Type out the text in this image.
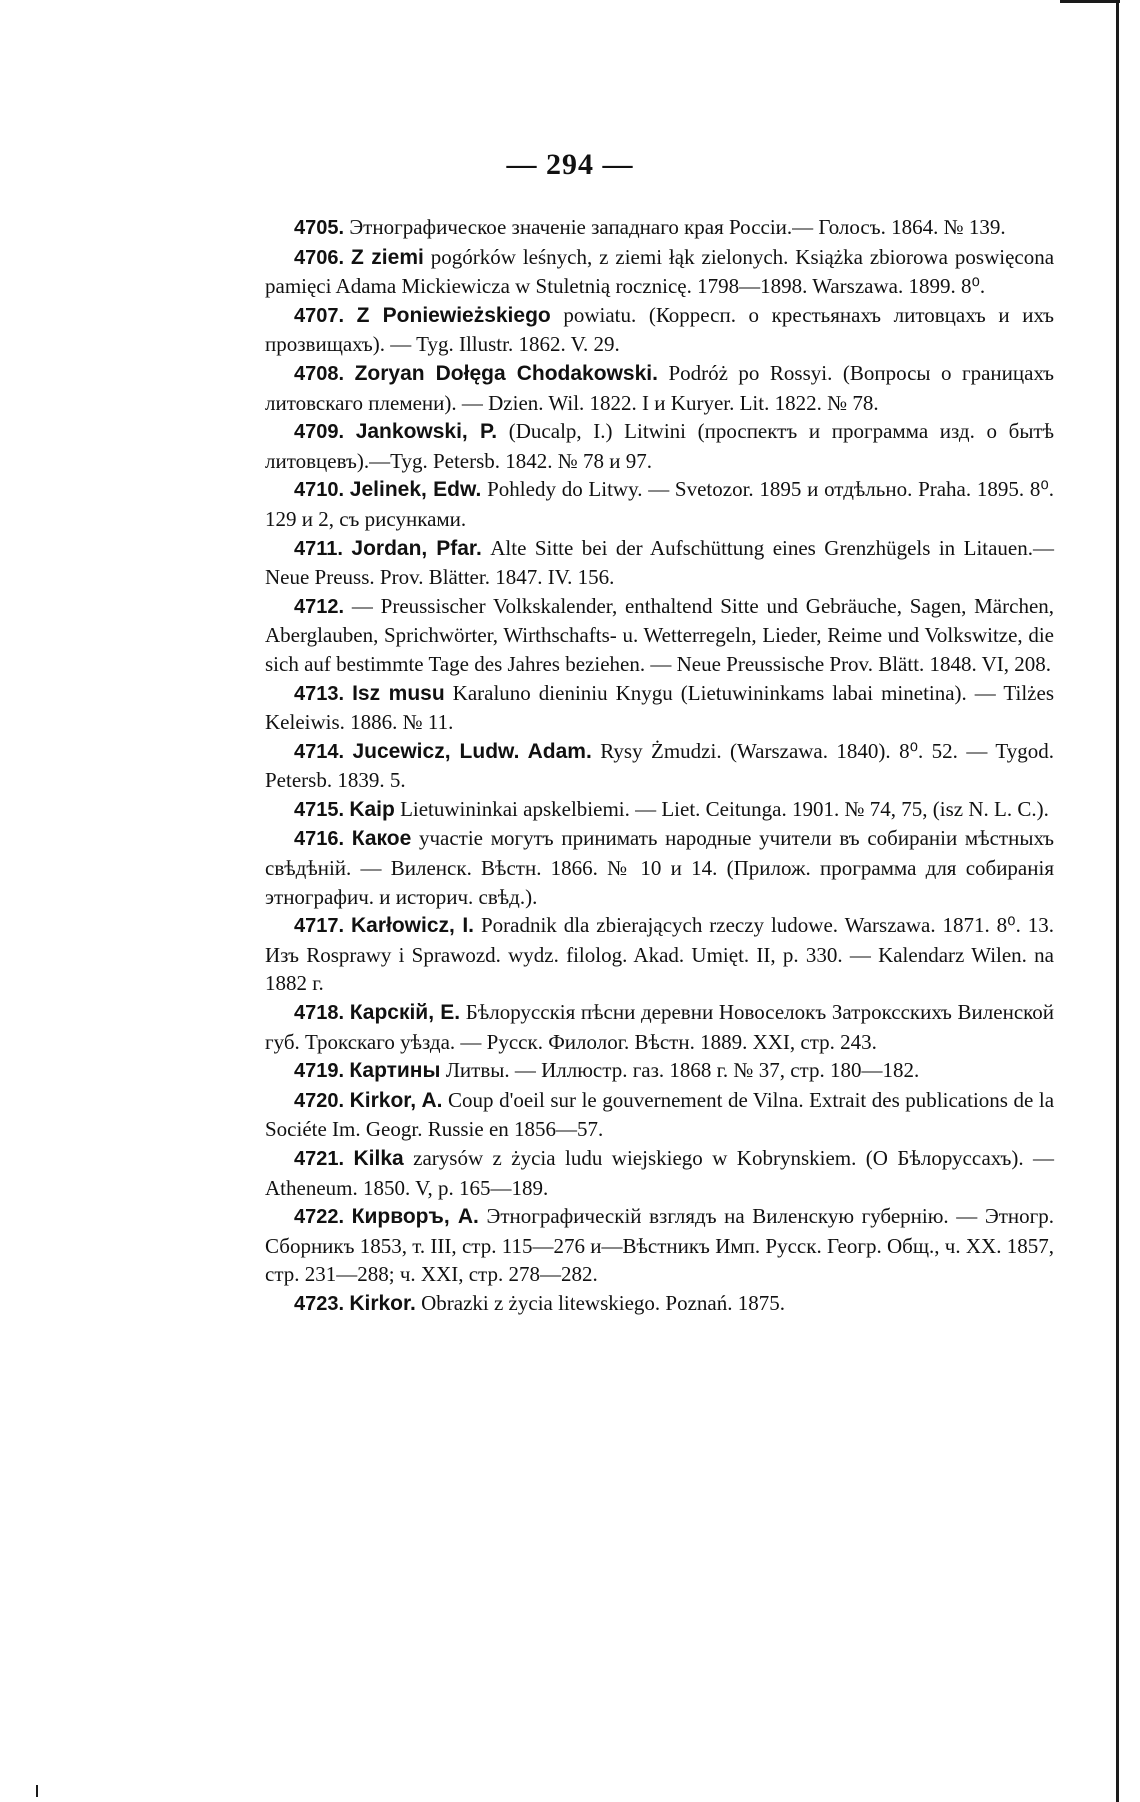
— 294 —
4705. Этнографическое значеніе западнаго края Россіи.— Голосъ. 1864. № 139.
4706. Z ziemi pogórków leśnych, z ziemi łąk zielonych. Książka zbiorowa poswięcona pamięci Adama Mickiewicza w Stuletnią rocznicę. 1798—1898. Warszawa. 1899. 8⁰.
4707. Z Poniewieżskiego powiatu. (Корресп. о крестьянахъ литовцахъ и ихъ прозвищахъ). — Tyg. Illustr. 1862. V. 29.
4708. Zoryan Dołęga Chodakowski. Podróż po Rossyi. (Вопросы о границахъ литовскаго племени). — Dzien. Wil. 1822. I и Kuryer. Lit. 1822. № 78.
4709. Jankowski, P. (Ducalp, I.) Litwini (проспектъ и программа изд. о бытѣ литовцевъ).—Tyg. Petersb. 1842. № 78 и 97.
4710. Jelinek, Edw. Pohledy do Litwy. — Svetozor. 1895 и отдѣльно. Praha. 1895. 8⁰. 129 и 2, съ рисунками.
4711. Jordan, Pfar. Alte Sitte bei der Aufschüttung eines Grenzhügels in Litauen.—Neue Preuss. Prov. Blätter. 1847. IV. 156.
4712. — Preussischer Volkskalender, enthaltend Sitte und Gebräuche, Sagen, Märchen, Aberglauben, Sprichwörter, Wirthschafts- u. Wetterregeln, Lieder, Reime und Volkswitze, die sich auf bestimmte Tage des Jahres beziehen. — Neue Preussische Prov. Blätt. 1848. VI, 208.
4713. Isz musu Karaluno dieniniu Knygu (Lietuwininkams labai minetina). — Tilżes Keleiwis. 1886. № 11.
4714. Jucewicz, Ludw. Adam. Rysy Żmudzi. (Warszawa. 1840). 8⁰. 52. — Tygod. Petersb. 1839. 5.
4715. Kaip Lietuwininkai apskelbiemi. — Liet. Ceitunga. 1901. № 74, 75, (isz N. L. C.).
4716. Какое участіе могутъ принимать народные учители въ собираніи мѣстныхъ свѣдѣній. — Виленск. Вѣстн. 1866. № 10 и 14. (Прилож. программа для собиранія этнографич. и историч. свѣд.).
4717. Karłowicz, I. Poradnik dla zbierających rzeczy ludowe. Warszawa. 1871. 8⁰. 13. Изъ Rosprawy i Sprawozd. wydz. filolog. Akad. Umięt. II, p. 330. — Kalendarz Wilen. na 1882 г.
4718. Карскій, Е. Бѣлорусскія пѣсни деревни Новоселокъ Затроксскихъ Виленской губ. Трокскаго уѣзда. — Русск. Филолог. Вѣстн. 1889. XXI, стр. 243.
4719. Картины Литвы. — Иллюстр. газ. 1868 г. № 37, стр. 180—182.
4720. Kirkor, A. Coup d'oeil sur le gouvernement de Vilna. Extrait des publications de la Sociéte Im. Geogr. Russie en 1856—57.
4721. Kilka zarysów z życia ludu wiejskiego w Kobrynskiem. (О Бѣлоруссахъ). — Atheneum. 1850. V, p. 165—189.
4722. Кирворъ, А. Этнографическій взглядъ на Виленскую губернію. — Этногр. Сборникъ 1853, т. III, стр. 115—276 и—Вѣстникъ Имп. Русск. Геогр. Общ., ч. XX. 1857, стр. 231—288; ч. XXI, стр. 278—282.
4723. Kirkor. Obrazki z życia litewskiego. Poznań. 1875.
